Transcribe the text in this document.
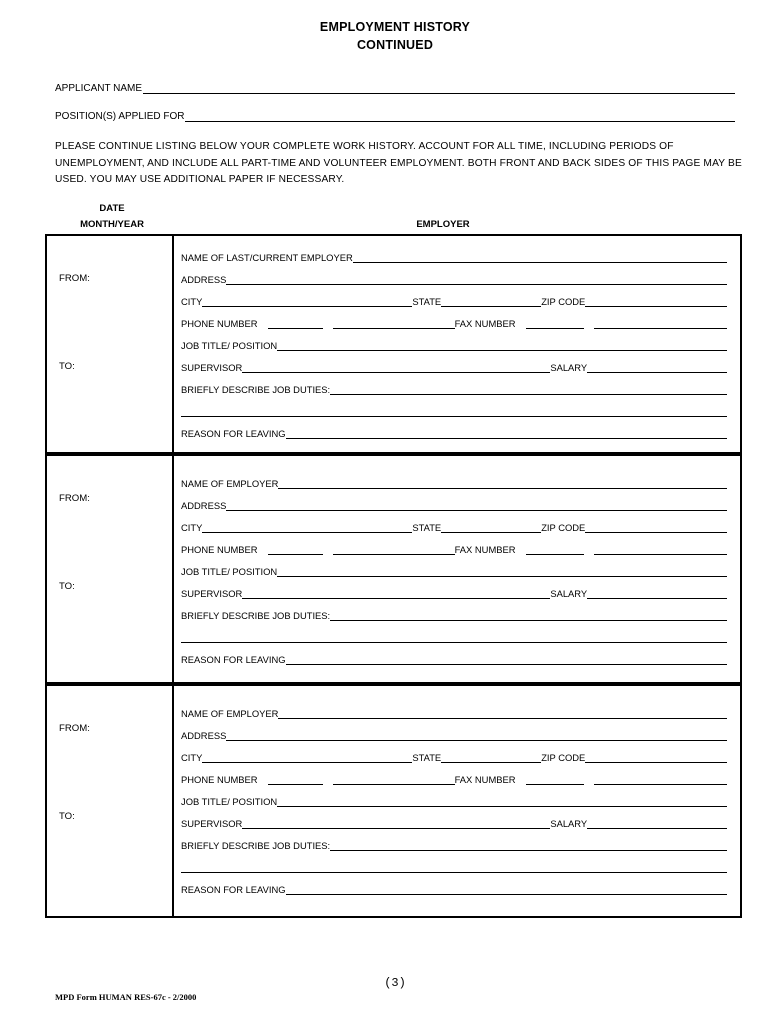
EMPLOYMENT HISTORY
CONTINUED
APPLICANT NAME
POSITION(S) APPLIED FOR
PLEASE CONTINUE LISTING BELOW YOUR COMPLETE WORK HISTORY. ACCOUNT FOR ALL TIME, INCLUDING PERIODS OF UNEMPLOYMENT, AND INCLUDE ALL PART-TIME AND VOLUNTEER EMPLOYMENT. BOTH FRONT AND BACK SIDES OF THIS PAGE MAY BE USED. YOU MAY USE ADDITIONAL PAPER IF NECESSARY.
DATE
MONTH/YEAR	EMPLOYER
FROM:
TO:
NAME OF LAST/CURRENT EMPLOYER
ADDRESS
CITY	STATE	ZIP CODE
PHONE NUMBER	FAX NUMBER
JOB TITLE/ POSITION
SUPERVISOR	SALARY
BRIEFLY DESCRIBE JOB DUTIES:
REASON FOR LEAVING
FROM:
TO:
NAME OF EMPLOYER
ADDRESS
CITY	STATE	ZIP CODE
PHONE NUMBER	FAX NUMBER
JOB TITLE/ POSITION
SUPERVISOR	SALARY
BRIEFLY DESCRIBE JOB DUTIES:
REASON FOR LEAVING
FROM:
TO:
NAME OF EMPLOYER
ADDRESS
CITY	STATE	ZIP CODE
PHONE NUMBER	FAX NUMBER
JOB TITLE/ POSITION
SUPERVISOR	SALARY
BRIEFLY DESCRIBE JOB DUTIES:
REASON FOR LEAVING
(3)
MPD Form HUMAN RES-67c - 2/2000
